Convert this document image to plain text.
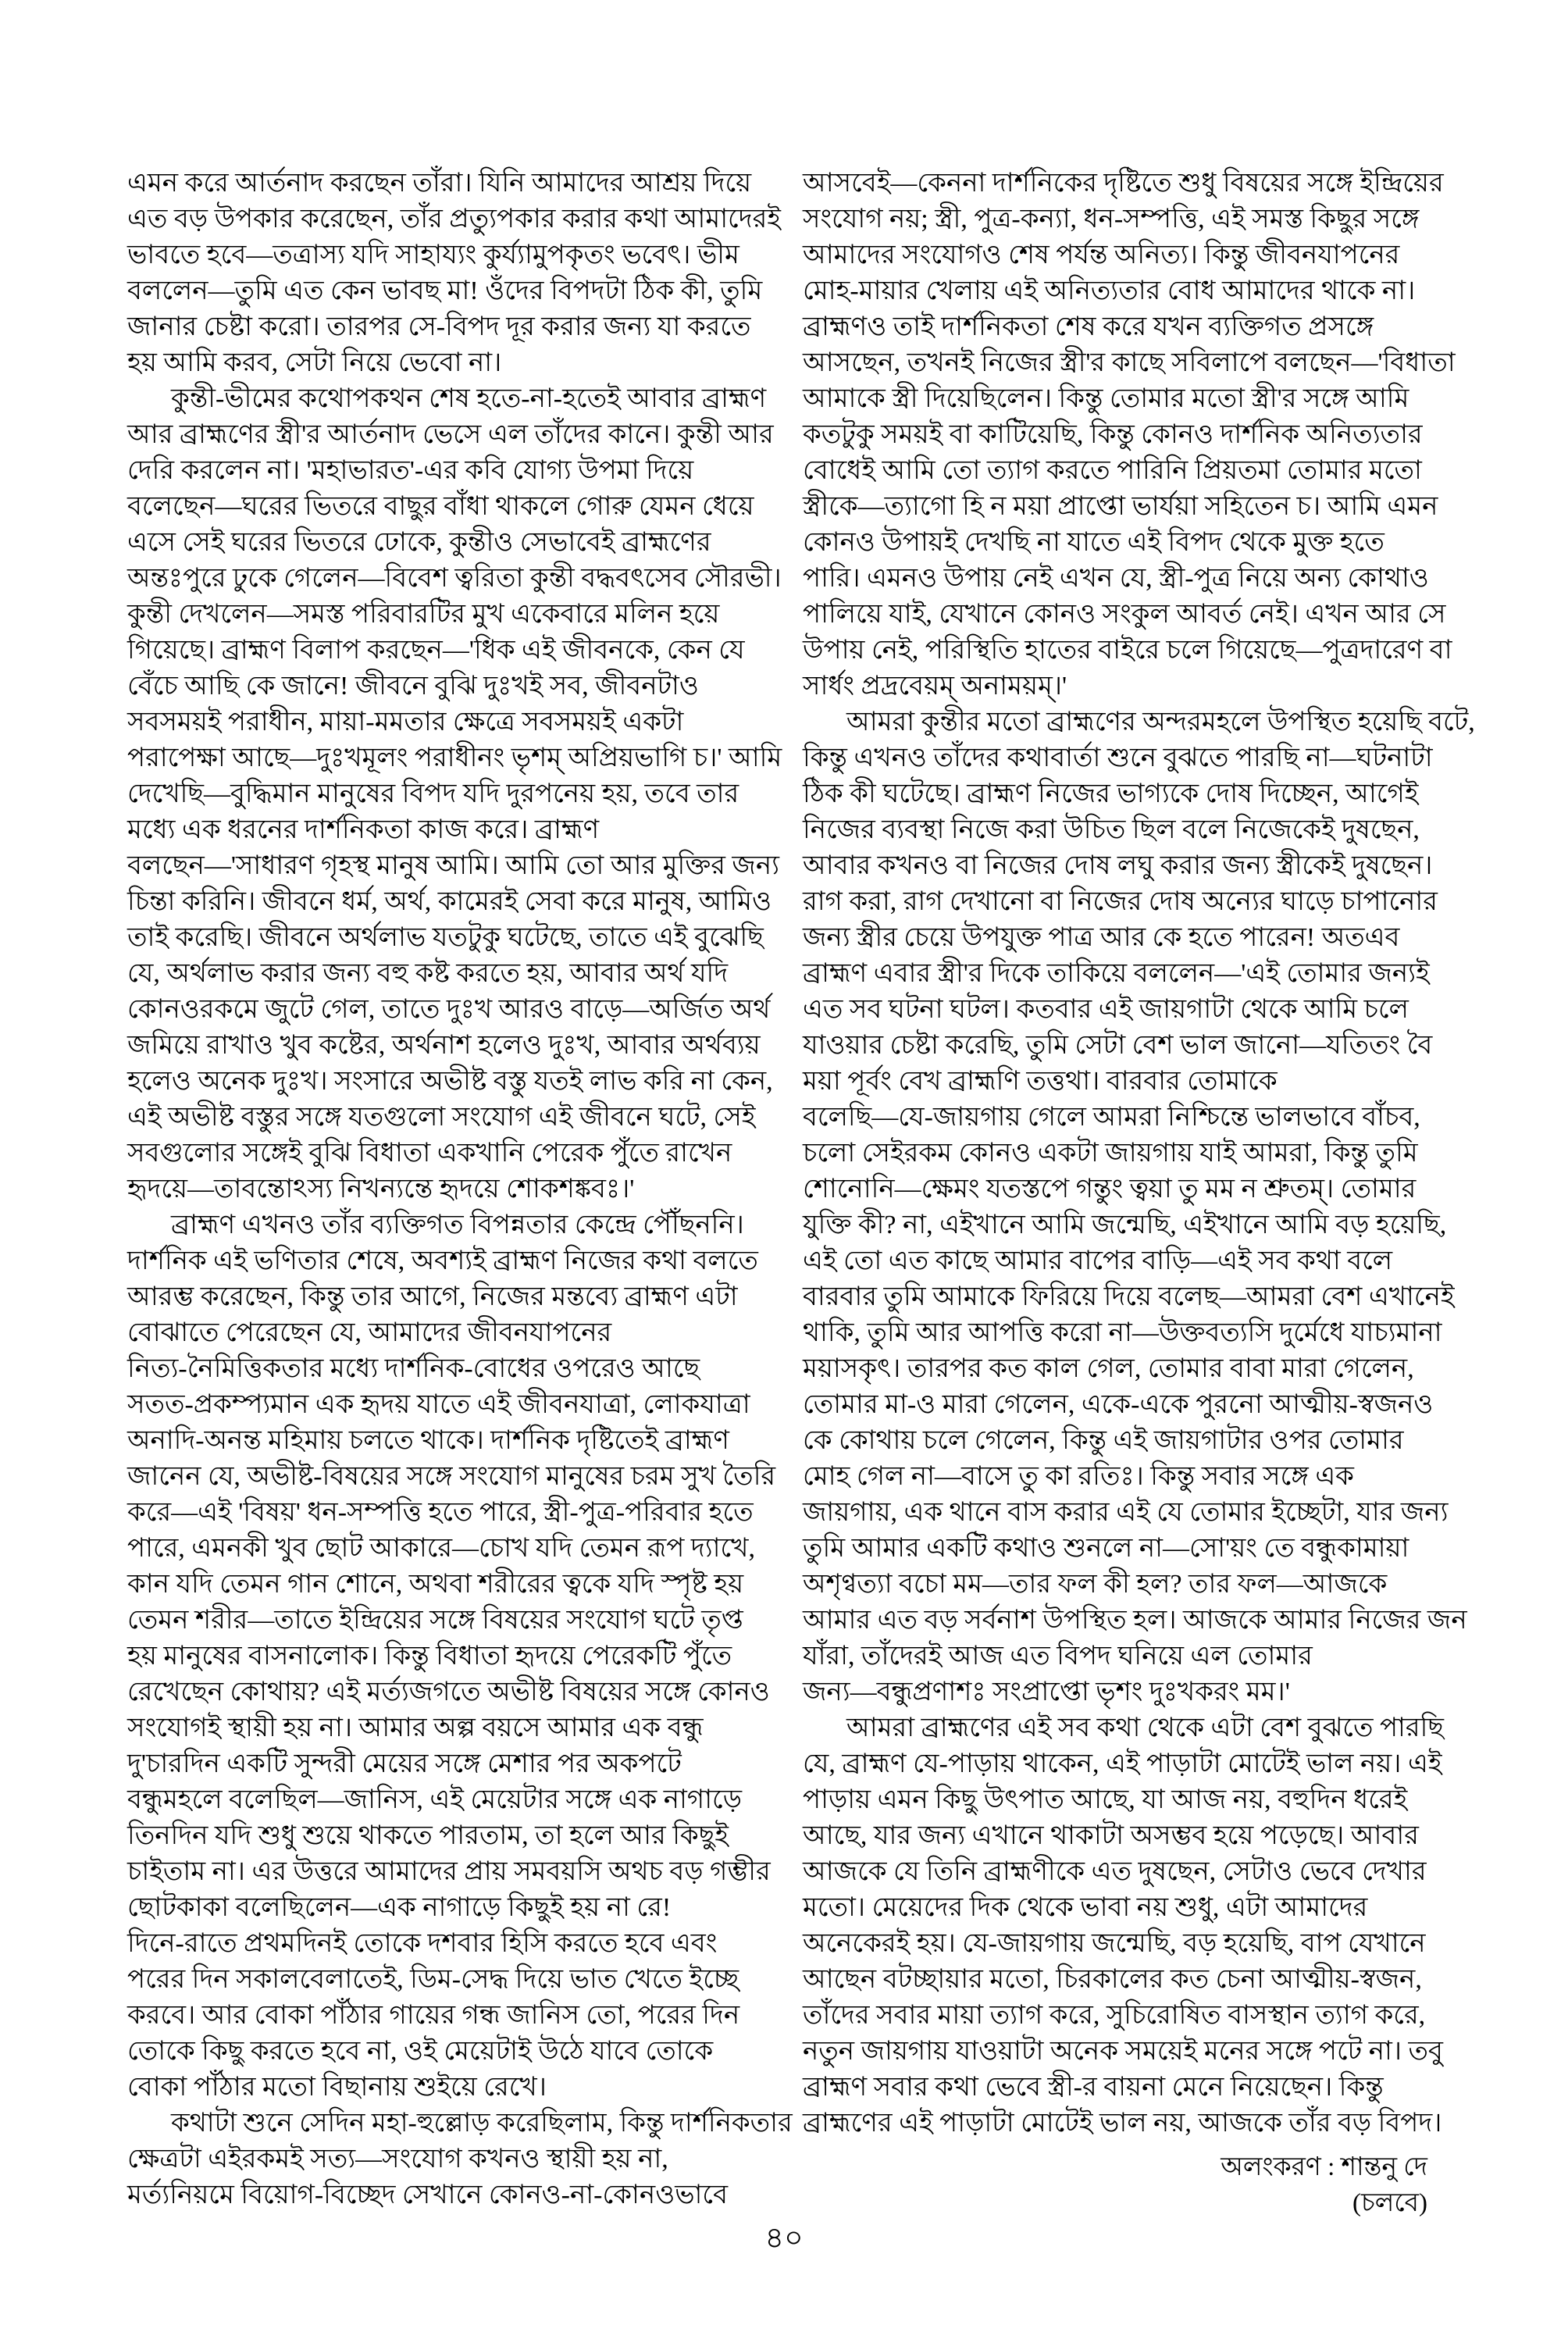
এমন করে আর্তনাদ করছেন তাঁরা। যিনি আমাদের আশ্রয় দিয়ে
এত বড় উপকার করেছেন, তাঁর প্রত্যুপকার করার কথা আমাদেরই
ভাবতে হবে—তত্রাস্য যদি সাহায্যং কুর্য্যামুপকৃতং ভবেৎ। ভীম
বললেন—তুমি এত কেন ভাবছ মা! ওঁদের বিপদটা ঠিক কী, তুমি
জানার চেষ্টা করো। তারপর সে-বিপদ দূর করার জন্য যা করতে
হয় আমি করব, সেটা নিয়ে ভেবো না।
কুন্তী-ভীমের কথোপকথন শেষ হতে-না-হতেই আবার ব্রাহ্মণ
আর ব্রাহ্মণের স্ত্রী'র আর্তনাদ ভেসে এল তাঁদের কানে। কুন্তী আর
দেরি করলেন না। 'মহাভারত'-এর কবি যোগ্য উপমা দিয়ে
বলেছেন—ঘরের ভিতরে বাছুর বাঁধা থাকলে গোরু যেমন ধেয়ে
এসে সেই ঘরের ভিতরে ঢোকে, কুন্তীও সেভাবেই ব্রাহ্মণের
অন্তঃপুরে ঢুকে গেলেন—বিবেশ ত্বরিতা কুন্তী বদ্ধবৎসেব সৌরভী।
কুন্তী দেখলেন—সমস্ত পরিবারটির মুখ একেবারে মলিন হয়ে
গিয়েছে। ব্রাহ্মণ বিলাপ করছেন—'ধিক এই জীবনকে, কেন যে
বেঁচে আছি কে জানে! জীবনে বুঝি দুঃখই সব, জীবনটাও
সবসময়ই পরাধীন, মায়া-মমতার ক্ষেত্রে সবসময়ই একটা
পরাপেক্ষা আছে—দুঃখমূলং পরাধীনং ভৃশম্ অপ্রিয়ভাগি চ।' আমি
দেখেছি—বুদ্ধিমান মানুষের বিপদ যদি দুরপনেয় হয়, তবে তার
মধ্যে এক ধরনের দার্শনিকতা কাজ করে। ব্রাহ্মণ
বলছেন—'সাধারণ গৃহস্থ মানুষ আমি। আমি তো আর মুক্তির জন্য
চিন্তা করিনি। জীবনে ধর্ম, অর্থ, কামেরই সেবা করে মানুষ, আমিও
তাই করেছি। জীবনে অর্থলাভ যতটুকু ঘটেছে, তাতে এই বুঝেছি
যে, অর্থলাভ করার জন্য বহু কষ্ট করতে হয়, আবার অর্থ যদি
কোনওরকমে জুটে গেল, তাতে দুঃখ আরও বাড়ে—অর্জিত অর্থ
জমিয়ে রাখাও খুব কষ্টের, অর্থনাশ হলেও দুঃখ, আবার অর্থব্যয়
হলেও অনেক দুঃখ। সংসারে অভীষ্ট বস্তু যতই লাভ করি না কেন,
এই অভীষ্ট বস্তুর সঙ্গে যতগুলো সংযোগ এই জীবনে ঘটে, সেই
সবগুলোর সঙ্গেই বুঝি বিধাতা একখানি পেরেক পুঁতে রাখেন
হৃদয়ে—তাবন্তোঽস্য নিখন্যন্তে হৃদয়ে শোকশঙ্কবঃ।'
ব্রাহ্মণ এখনও তাঁর ব্যক্তিগত বিপন্নতার কেন্দ্রে পৌঁছননি।
দার্শনিক এই ভণিতার শেষে, অবশ্যই ব্রাহ্মণ নিজের কথা বলতে
আরম্ভ করেছেন, কিন্তু তার আগে, নিজের মন্তব্যে ব্রাহ্মণ এটা
বোঝাতে পেরেছেন যে, আমাদের জীবনযাপনের
নিত্য-নৈমিত্তিকতার মধ্যে দার্শনিক-বোধের ওপরেও আছে
সতত-প্রকম্প্যমান এক হৃদয় যাতে এই জীবনযাত্রা, লোকযাত্রা
অনাদি-অনন্ত মহিমায় চলতে থাকে। দার্শনিক দৃষ্টিতেই ব্রাহ্মণ
জানেন যে, অভীষ্ট-বিষয়ের সঙ্গে সংযোগ মানুষের চরম সুখ তৈরি
করে—এই 'বিষয়' ধন-সম্পত্তি হতে পারে, স্ত্রী-পুত্র-পরিবার হতে
পারে, এমনকী খুব ছোট আকারে—চোখ যদি তেমন রূপ দ্যাখে,
কান যদি তেমন গান শোনে, অথবা শরীরের ত্বকে যদি স্পৃষ্ট হয়
তেমন শরীর—তাতে ইন্দ্রিয়ের সঙ্গে বিষয়ের সংযোগ ঘটে তৃপ্ত
হয় মানুষের বাসনালোক। কিন্তু বিধাতা হৃদয়ে পেরেকটি পুঁতে
রেখেছেন কোথায়? এই মর্ত্যজগতে অভীষ্ট বিষয়ের সঙ্গে কোনও
সংযোগই স্থায়ী হয় না। আমার অল্প বয়সে আমার এক বন্ধু
দু'চারদিন একটি সুন্দরী মেয়ের সঙ্গে মেশার পর অকপটে
বন্ধুমহলে বলেছিল—জানিস, এই মেয়েটার সঙ্গে এক নাগাড়ে
তিনদিন যদি শুধু শুয়ে থাকতে পারতাম, তা হলে আর কিছুই
চাইতাম না। এর উত্তরে আমাদের প্রায় সমবয়সি অথচ বড় গম্ভীর
ছোটকাকা বলেছিলেন—এক নাগাড়ে কিছুই হয় না রে!
দিনে-রাতে প্রথমদিনই তোকে দশবার হিসি করতে হবে এবং
পরের দিন সকালবেলাতেই, ডিম-সেদ্ধ দিয়ে ভাত খেতে ইচ্ছে
করবে। আর বোকা পাঁঠার গায়ের গন্ধ জানিস তো, পরের দিন
তোকে কিছু করতে হবে না, ওই মেয়েটাই উঠে যাবে তোকে
বোকা পাঁঠার মতো বিছানায় শুইয়ে রেখে।
কথাটা শুনে সেদিন মহা-হুল্লোড় করেছিলাম, কিন্তু দার্শনিকতার
ক্ষেত্রটা এইরকমই সত্য—সংযোগ কখনও স্থায়ী হয় না,
মর্ত্যনিয়মে বিয়োগ-বিচ্ছেদ সেখানে কোনও-না-কোনওভাবে
আসবেই—কেননা দার্শনিকের দৃষ্টিতে শুধু বিষয়ের সঙ্গে ইন্দ্রিয়ের
সংযোগ নয়; স্ত্রী, পুত্র-কন্যা, ধন-সম্পত্তি, এই সমস্ত কিছুর সঙ্গে
আমাদের সংযোগও শেষ পর্যন্ত অনিত্য। কিন্তু জীবনযাপনের
মোহ-মায়ার খেলায় এই অনিত্যতার বোধ আমাদের থাকে না।
ব্রাহ্মণও তাই দার্শনিকতা শেষ করে যখন ব্যক্তিগত প্রসঙ্গে
আসছেন, তখনই নিজের স্ত্রী'র কাছে সবিলাপে বলছেন—'বিধাতা
আমাকে স্ত্রী দিয়েছিলেন। কিন্তু তোমার মতো স্ত্রী'র সঙ্গে আমি
কতটুকু সময়ই বা কাটিয়েছি, কিন্তু কোনও দার্শনিক অনিত্যতার
বোধেই আমি তো ত্যাগ করতে পারিনি প্রিয়তমা তোমার মতো
স্ত্রীকে—ত্যাগো হি ন ময়া প্রাপ্তো ভার্যয়া সহিতেন চ। আমি এমন
কোনও উপায়ই দেখছি না যাতে এই বিপদ থেকে মুক্ত হতে
পারি। এমনও উপায় নেই এখন যে, স্ত্রী-পুত্র নিয়ে অন্য কোথাও
পালিয়ে যাই, যেখানে কোনও সংকুল আবর্ত নেই। এখন আর সে
উপায় নেই, পরিস্থিতি হাতের বাইরে চলে গিয়েছে—পুত্রদারেণ বা
সার্ধং প্রদ্রবেয়ম্ অনাময়ম্।'
আমরা কুন্তীর মতো ব্রাহ্মণের অন্দরমহলে উপস্থিত হয়েছি বটে,
কিন্তু এখনও তাঁদের কথাবার্তা শুনে বুঝতে পারছি না—ঘটনাটা
ঠিক কী ঘটেছে। ব্রাহ্মণ নিজের ভাগ্যকে দোষ দিচ্ছেন, আগেই
নিজের ব্যবস্থা নিজে করা উচিত ছিল বলে নিজেকেই দুষছেন,
আবার কখনও বা নিজের দোষ লঘু করার জন্য স্ত্রীকেই দুষছেন।
রাগ করা, রাগ দেখানো বা নিজের দোষ অন্যের ঘাড়ে চাপানোর
জন্য স্ত্রীর চেয়ে উপযুক্ত পাত্র আর কে হতে পারেন! অতএব
ব্রাহ্মণ এবার স্ত্রী'র দিকে তাকিয়ে বললেন—'এই তোমার জন্যই
এত সব ঘটনা ঘটল। কতবার এই জায়গাটা থেকে আমি চলে
যাওয়ার চেষ্টা করেছি, তুমি সেটা বেশ ভাল জানো—যতিতং বৈ
ময়া পূর্বং বেখ ব্রাহ্মণি তত্তথা। বারবার তোমাকে
বলেছি—যে-জায়গায় গেলে আমরা নিশ্চিন্তে ভালভাবে বাঁচব,
চলো সেইরকম কোনও একটা জায়গায় যাই আমরা, কিন্তু তুমি
শোনোনি—ক্ষেমং যতস্তপে গন্তুং ত্বয়া তু মম ন শ্রুতম্। তোমার
যুক্তি কী? না, এইখানে আমি জন্মেছি, এইখানে আমি বড় হয়েছি,
এই তো এত কাছে আমার বাপের বাড়ি—এই সব কথা বলে
বারবার তুমি আমাকে ফিরিয়ে দিয়ে বলেছ—আমরা বেশ এখানেই
থাকি, তুমি আর আপত্তি করো না—উক্তবত্যসি দুর্মেধে যাচ্যমানা
ময়াসকৃৎ। তারপর কত কাল গেল, তোমার বাবা মারা গেলেন,
তোমার মা-ও মারা গেলেন, একে-একে পুরনো আত্মীয়-স্বজনও
কে কোথায় চলে গেলেন, কিন্তু এই জায়গাটার ওপর তোমার
মোহ গেল না—বাসে তু কা রতিঃ। কিন্তু সবার সঙ্গে এক
জায়গায়, এক থানে বাস করার এই যে তোমার ইচ্ছেটা, যার জন্য
তুমি আমার একটি কথাও শুনলে না—সো'য়ং তে বন্ধুকামায়া
অশৃণ্বত্যা বচো মম—তার ফল কী হল? তার ফল—আজকে
আমার এত বড় সর্বনাশ উপস্থিত হল। আজকে আমার নিজের জন
যাঁরা, তাঁদেরই আজ এত বিপদ ঘনিয়ে এল তোমার
জন্য—বন্ধুপ্রণাশঃ সংপ্রাপ্তো ভৃশং দুঃখকরং মম।'
আমরা ব্রাহ্মণের এই সব কথা থেকে এটা বেশ বুঝতে পারছি
যে, ব্রাহ্মণ যে-পাড়ায় থাকেন, এই পাড়াটা মোটেই ভাল নয়। এই
পাড়ায় এমন কিছু উৎপাত আছে, যা আজ নয়, বহুদিন ধরেই
আছে, যার জন্য এখানে থাকাটা অসম্ভব হয়ে পড়েছে। আবার
আজকে যে তিনি ব্রাহ্মণীকে এত দুষছেন, সেটাও ভেবে দেখার
মতো। মেয়েদের দিক থেকে ভাবা নয় শুধু, এটা আমাদের
অনেকেরই হয়। যে-জায়গায় জন্মেছি, বড় হয়েছি, বাপ যেখানে
আছেন বটচ্ছায়ার মতো, চিরকালের কত চেনা আত্মীয়-স্বজন,
তাঁদের সবার মায়া ত্যাগ করে, সুচিরোষিত বাসস্থান ত্যাগ করে,
নতুন জায়গায় যাওয়াটা অনেক সময়েই মনের সঙ্গে পটে না। তবু
ব্রাহ্মণ সবার কথা ভেবে স্ত্রী-র বায়না মেনে নিয়েছেন। কিন্তু
ব্রাহ্মণের এই পাড়াটা মোটেই ভাল নয়, আজকে তাঁর বড় বিপদ।
অলংকরণ : শান্তনু দে
(চলবে)
৪০
